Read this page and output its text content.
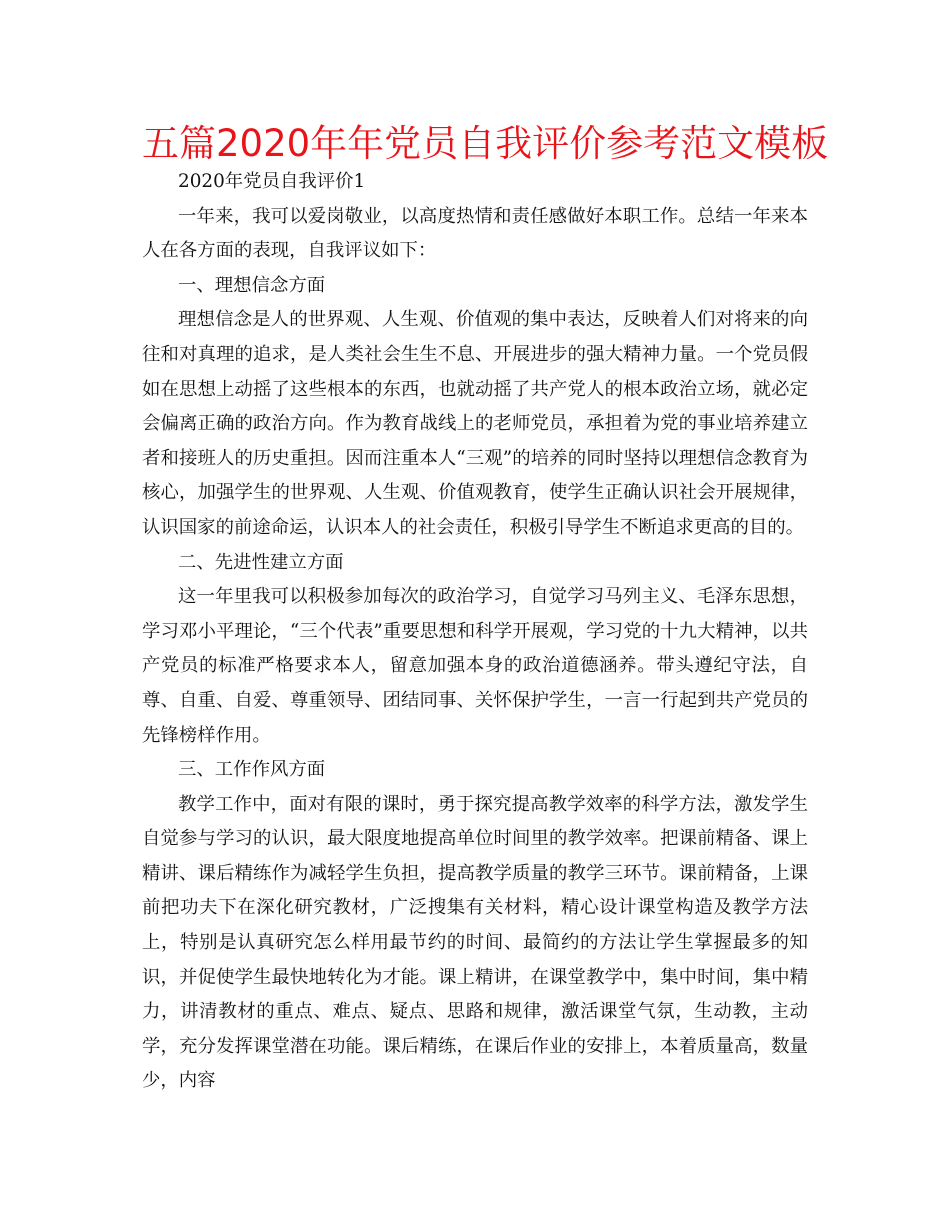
五篇2020年年党员自我评价参考范文模板

2020年党员自我评价1

一年来，我可以爱岗敬业，以高度热情和责任感做好本职工作。总结一年来本人在各方面的表现，自我评议如下：

一、理想信念方面

理想信念是人的世界观、人生观、价值观的集中表达，反映着人们对将来的向往和对真理的追求，是人类社会生生不息、开展进步的强大精神力量。一个党员假如在思想上动摇了这些根本的东西，也就动摇了共产党人的根本政治立场，就必定会偏离正确的政治方向。作为教育战线上的老师党员，承担着为党的事业培养建立者和接班人的历史重担。因而注重本人“三观”的培养的同时坚持以理想信念教育为核心，加强学生的世界观、人生观、价值观教育，使学生正确认识社会开展规律，认识国家的前途命运，认识本人的社会责任，积极引导学生不断追求更高的目的。

二、先进性建立方面

这一年里我可以积极参加每次的政治学习，自觉学习马列主义、毛泽东思想，学习邓小平理论，“三个代表”重要思想和科学开展观，学习党的十九大精神，以共产党员的标准严格要求本人，留意加强本身的政治道德涵养。带头遵纪守法，自尊、自重、自爱、尊重领导、团结同事、关怀保护学生，一言一行起到共产党员的先锋榜样作用。

三、工作作风方面

教学工作中，面对有限的课时，勇于探究提高教学效率的科学方法，激发学生自觉参与学习的认识，最大限度地提高单位时间里的教学效率。把课前精备、课上精讲、课后精练作为减轻学生负担，提高教学质量的教学三环节。课前精备，上课前把功夫下在深化研究教材，广泛搜集有关材料，精心设计课堂构造及教学方法上，特别是认真研究怎么样用最节约的时间、最简约的方法让学生掌握最多的知识，并促使学生最快地转化为才能。课上精讲，在课堂教学中，集中时间，集中精力，讲清教材的重点、难点、疑点、思路和规律，激活课堂气氛，生动教，主动学，充分发挥课堂潜在功能。课后精练，在课后作业的安排上，本着质量高，数量少，内容
